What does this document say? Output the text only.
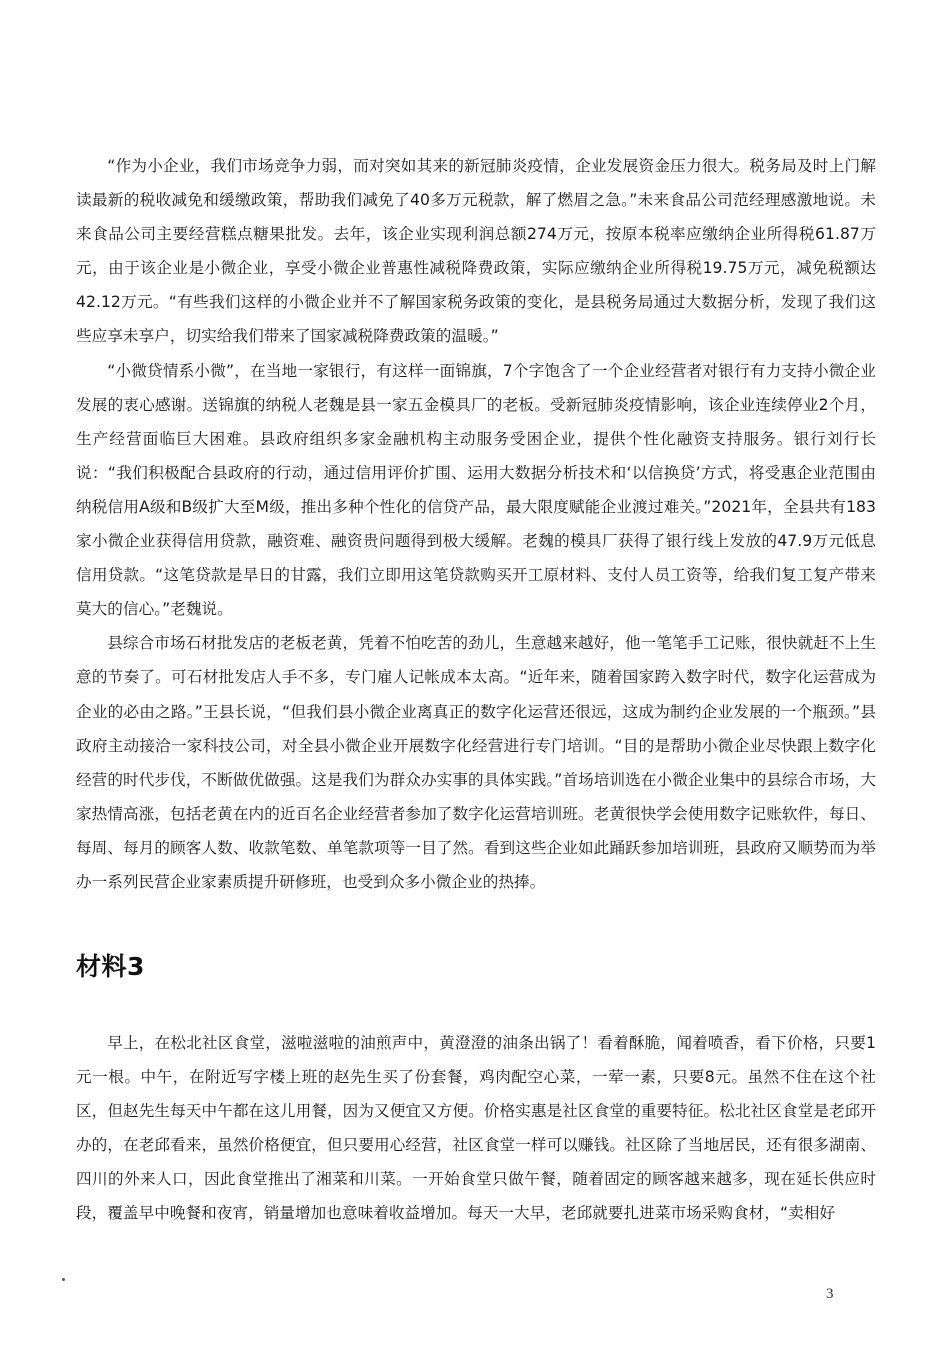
“作为小企业，我们市场竞争力弱，而对突如其来的新冠肺炎疫情，企业发展资金压力很大。税务局及时上门解读最新的税收减免和缓缴政策，帮助我们减免了40多万元税款，解了燃眉之急。”未来食品公司范经理感激地说。未来食品公司主要经营糕点糖果批发。去年，该企业实现利润总额274万元，按原本税率应缴纳企业所得税61.87万元，由于该企业是小微企业，享受小微企业普惠性减税降费政策，实际应缴纳企业所得税19.75万元，减免税额达42.12万元。“有些我们这样的小微企业并不了解国家税务政策的变化，是县税务局通过大数据分析，发现了我们这些应享未享户，切实给我们带来了国家减税降费政策的温暖。”

“小微贷情系小微”，在当地一家银行，有这样一面锦旗，7个字饱含了一个企业经营者对银行有力支持小微企业发展的衷心感谢。送锦旗的纳税人老魏是县一家五金模具厂的老板。受新冠肺炎疫情影响，该企业连续停业2个月，生产经营面临巨大困难。县政府组织多家金融机构主动服务受困企业，提供个性化融资支持服务。银行刘行长说：“我们积极配合县政府的行动，通过信用评价扩围、运用大数据分析技术和‘以信换贷’方式，将受惠企业范围由纳税信用A级和B级扩大至M级，推出多种个性化的信贷产品，最大限度赋能企业渡过难关。”2021年，全县共有183家小微企业获得信用贷款，融资难、融资贵问题得到极大缓解。老魏的模具厂获得了银行线上发放的47.9万元低息信用贷款。“这笔贷款是旱日的甘露，我们立即用这笔贷款购买开工原材料、支付人员工资等，给我们复工复产带来莫大的信心。”老魏说。

县综合市场石材批发店的老板老黄，凭着不怕吃苦的劲儿，生意越来越好，他一笔笔手工记账，很快就赶不上生意的节奏了。可石材批发店人手不多，专门雇人记帐成本太高。“近年来，随着国家跨入数字时代，数字化运营成为企业的必由之路。”王县长说，“但我们县小微企业离真正的数字化运营还很远，这成为制约企业发展的一个瓶颈。”县政府主动接洽一家科技公司，对全县小微企业开展数字化经营进行专门培训。“目的是帮助小微企业尽快跟上数字化经营的时代步伐，不断做优做强。这是我们为群众办实事的具体实践。”首场培训选在小微企业集中的县综合市场，大家热情高涨，包括老黄在内的近百名企业经营者参加了数字化运营培训班。老黄很快学会使用数字记账软件，每日、每周、每月的顾客人数、收款笔数、单笔款项等一目了然。看到这些企业如此踊跃参加培训班，县政府又顺势而为举办一系列民营企业家素质提升研修班，也受到众多小微企业的热捧。

材料3

早上，在松北社区食堂，滋啦滋啦的油煎声中，黄澄澄的油条出锅了！看着酥脆，闻着喷香，看下价格，只要1元一根。中午，在附近写字楼上班的赵先生买了份套餐，鸡肉配空心菜，一荤一素，只要8元。虽然不住在这个社区，但赵先生每天中午都在这儿用餐，因为又便宜又方便。价格实惠是社区食堂的重要特征。松北社区食堂是老邱开办的，在老邱看来，虽然价格便宜，但只要用心经营，社区食堂一样可以赚钱。社区除了当地居民，还有很多湖南、四川的外来人口，因此食堂推出了湘菜和川菜。一开始食堂只做午餐，随着固定的顾客越来越多，现在延长供应时段，覆盖早中晚餐和夜宵，销量增加也意味着收益增加。每天一大早，老邱就要扎进菜市场采购食材，“卖相好

3
